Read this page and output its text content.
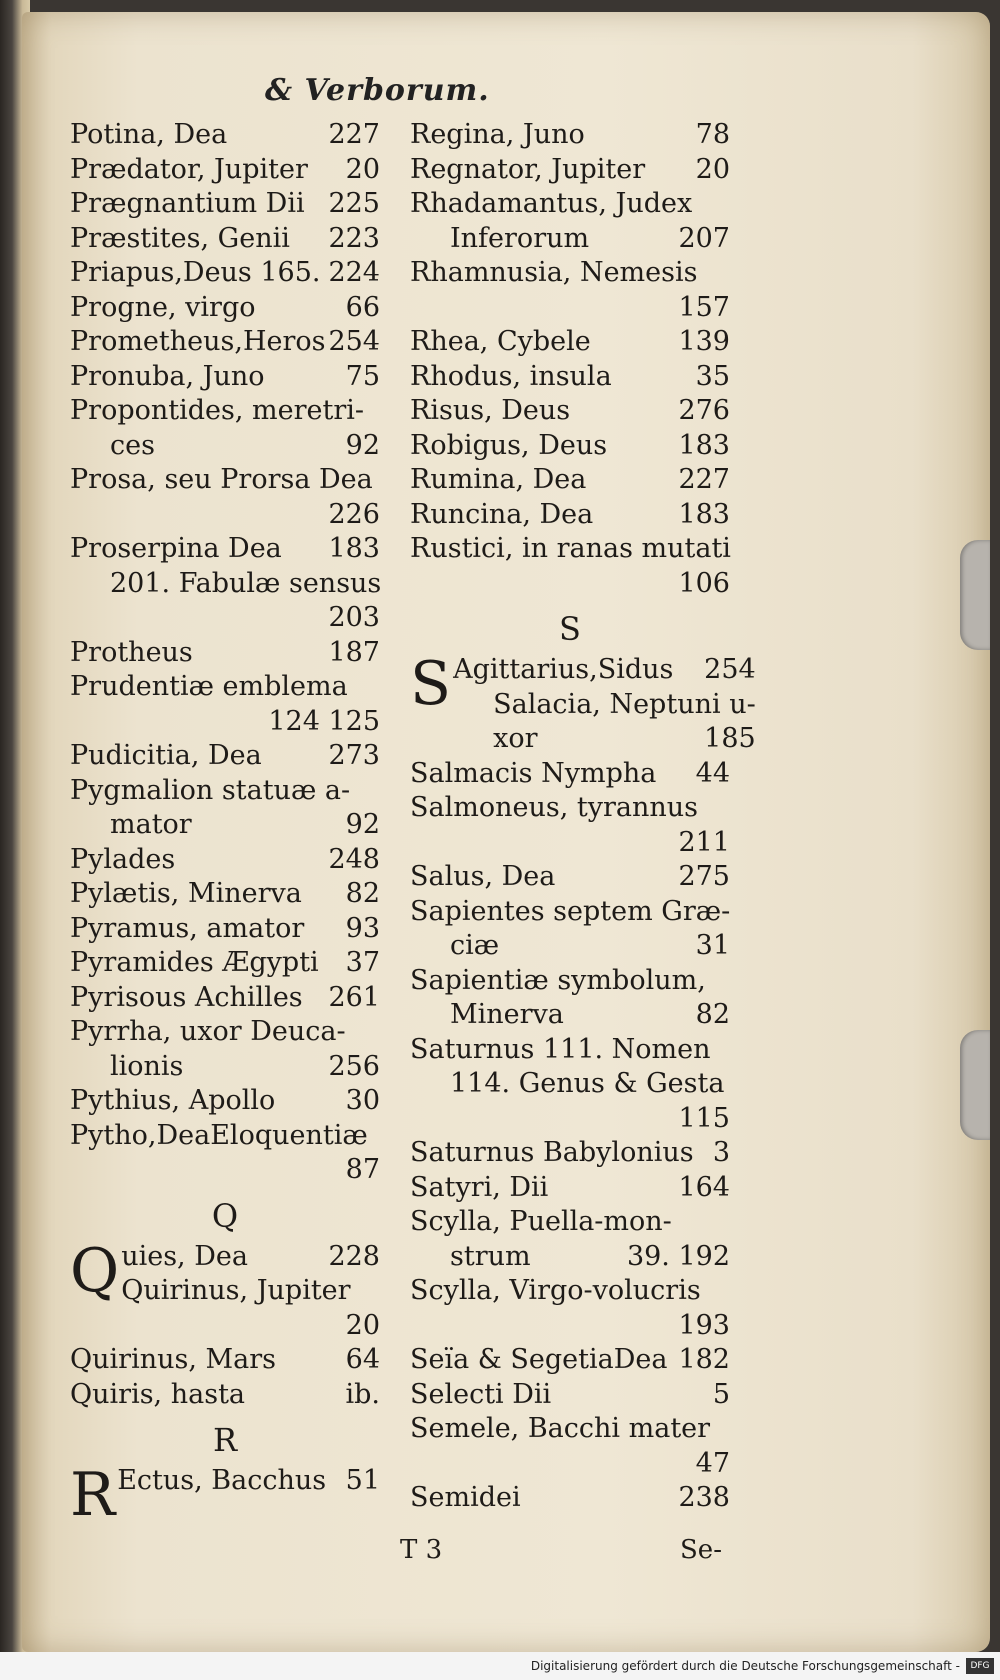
& Verborum.
Potina, Dea	227
Prædator, Jupiter 20
Prægnantium Dii 225
Præstites, Genii 223
Priapus,Deus 165. 224
Progne, virgo	66
Prometheus,Heros 254
Pronuba, Juno	75
Propontides, meretri-
ces	92
Prosa, seu Prorsa Dea
226
Proserpina Dea 183
201. Fabulæ sensus
203
Protheus	187
Prudentiæ emblema
124 125
Pudicitia, Dea 273
Pygmalion statuæ a-
mator	92
Pylades	248
Pylætis, Minerva 82
Pyramus, amator 93
Pyramides Ægypti 37
Pyrisous Achilles 261
Pyrrha, uxor Deuca-
lionis	256
Pythius, Apollo	30
Pytho,DeaEloquentiæ
87
Q
Q uies, Dea	228
Quirinus, Jupiter
20
Quirinus, Mars	64
Quiris, hasta	ib.
R
R Ectus, Bacchus 51
Regina, Juno	78
Regnator, Jupiter 20
Rhadamantus, Judex
Inferorum	207
Rhamnusia, Nemesis
157
Rhea, Cybele	139
Rhodus, insula	35
Risus, Deus	276
Robigus, Deus	183
Rumina, Dea	227
Runcina, Dea	183
Rustici, in ranas mutati
106
S
S Agittarius,Sidus 254
Salacia, Neptuni u-
xor	185
Salmacis Nympha 44
Salmoneus, tyrannus
211
Salus, Dea	275
Sapientes septem Græ-
ciæ	31
Sapientiæ symbolum,
Minerva	82
Saturnus 111. Nomen
114. Genus & Gesta
115
Saturnus Babylonius 3
Satyri, Dii	164
Scylla, Puella-mon-
strum	39. 192
Scylla, Virgo-volucris
193
Seïa & SegetiaDea 182
Selecti Dii	5
Semele, Bacchi mater
47
Semidei	238
T 3	Se-
Digitalisierung gefördert durch die Deutsche Forschungsgemeinschaft -	DFG
